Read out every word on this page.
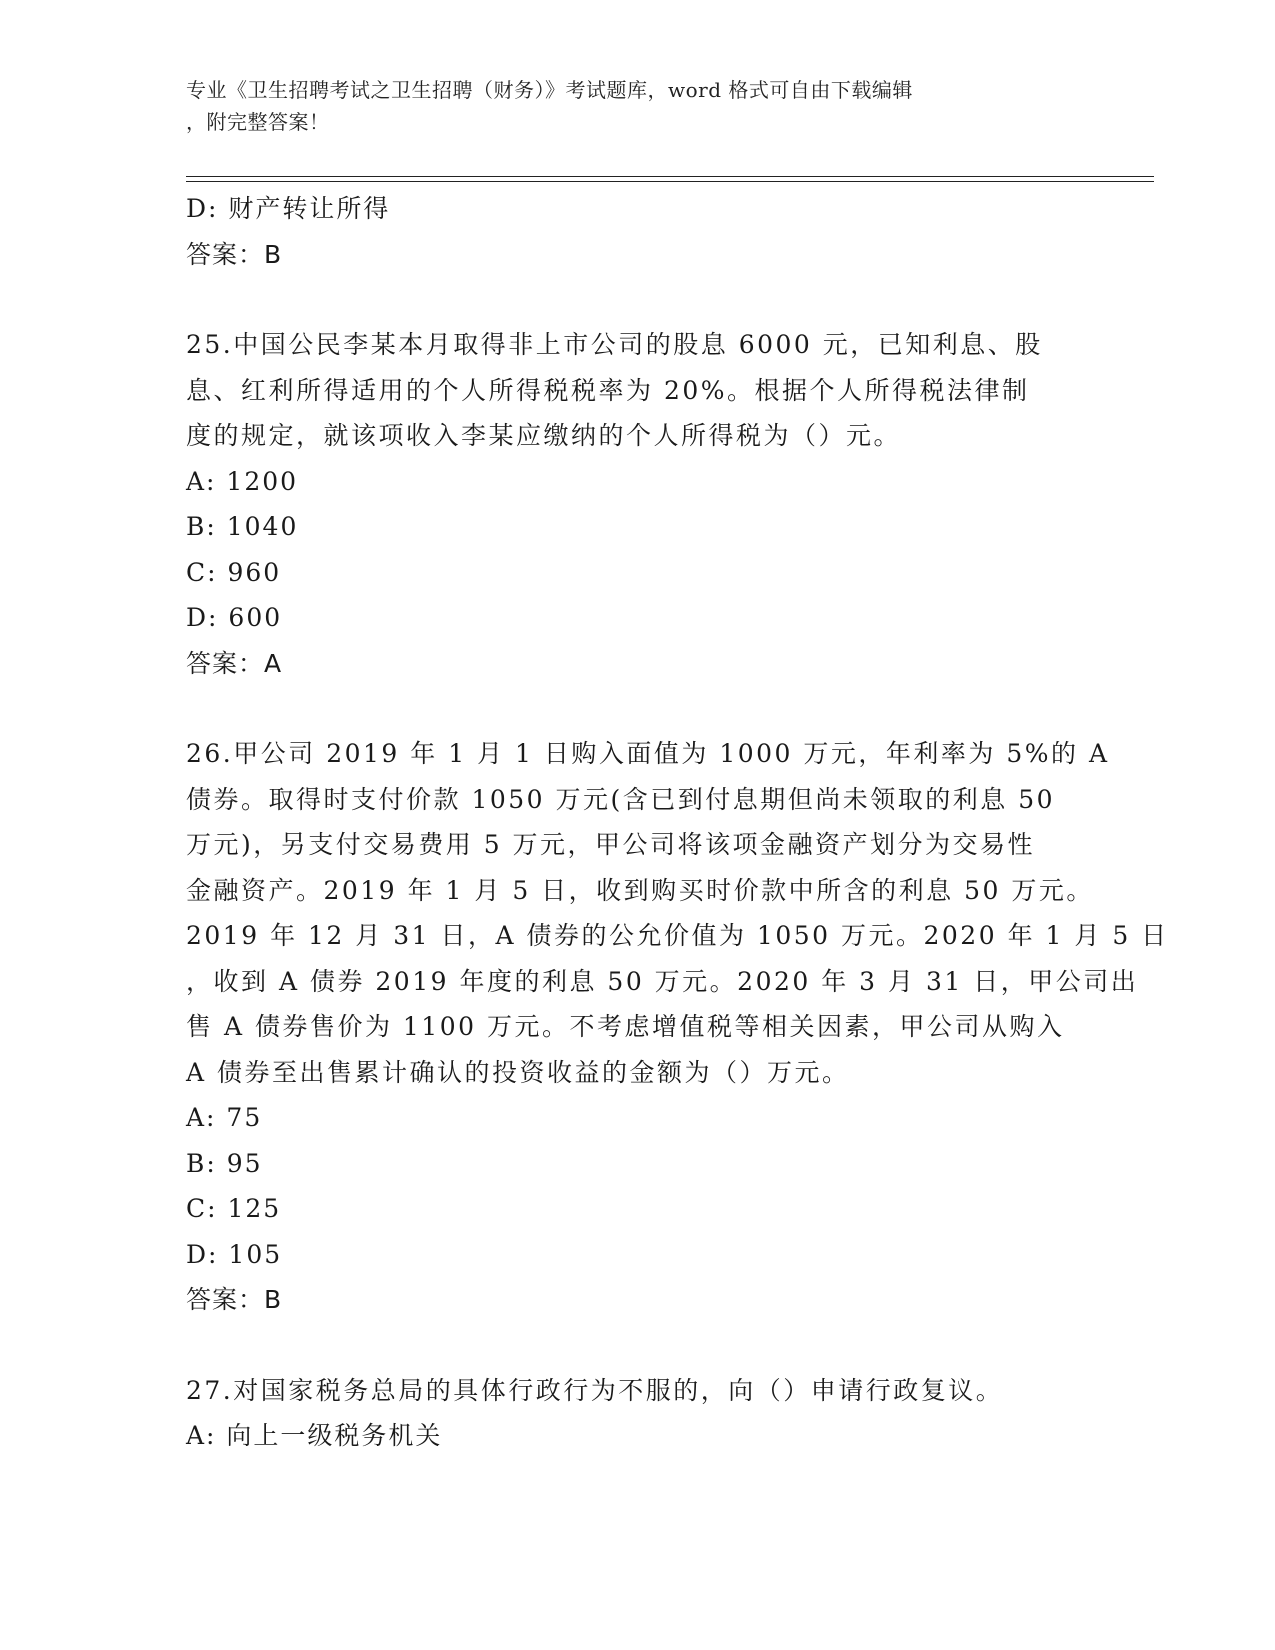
专业《卫生招聘考试之卫生招聘（财务）》考试题库，word 格式可自由下载编辑
，附完整答案！
D: 财产转让所得
答案：B
25.中国公民李某本月取得非上市公司的股息 6000 元，已知利息、股
息、红利所得适用的个人所得税税率为 20%。根据个人所得税法律制
度的规定，就该项收入李某应缴纳的个人所得税为（）元。
A: 1200
B: 1040
C: 960
D: 600
答案：A
26.甲公司 2019 年 1 月 1 日购入面值为 1000 万元，年利率为 5%的 A
债券。取得时支付价款 1050 万元(含已到付息期但尚未领取的利息 50
万元)，另支付交易费用 5 万元，甲公司将该项金融资产划分为交易性
金融资产。2019 年 1 月 5 日，收到购买时价款中所含的利息 50 万元。
2019 年 12 月 31 日，A 债券的公允价值为 1050 万元。2020 年 1 月 5 日
，收到 A 债券 2019 年度的利息 50 万元。2020 年 3 月 31 日，甲公司出
售 A 债券售价为 1100 万元。不考虑增值税等相关因素，甲公司从购入
A 债券至出售累计确认的投资收益的金额为（）万元。
A: 75
B: 95
C: 125
D: 105
答案：B
27.对国家税务总局的具体行政行为不服的，向（）申请行政复议。
A: 向上一级税务机关
